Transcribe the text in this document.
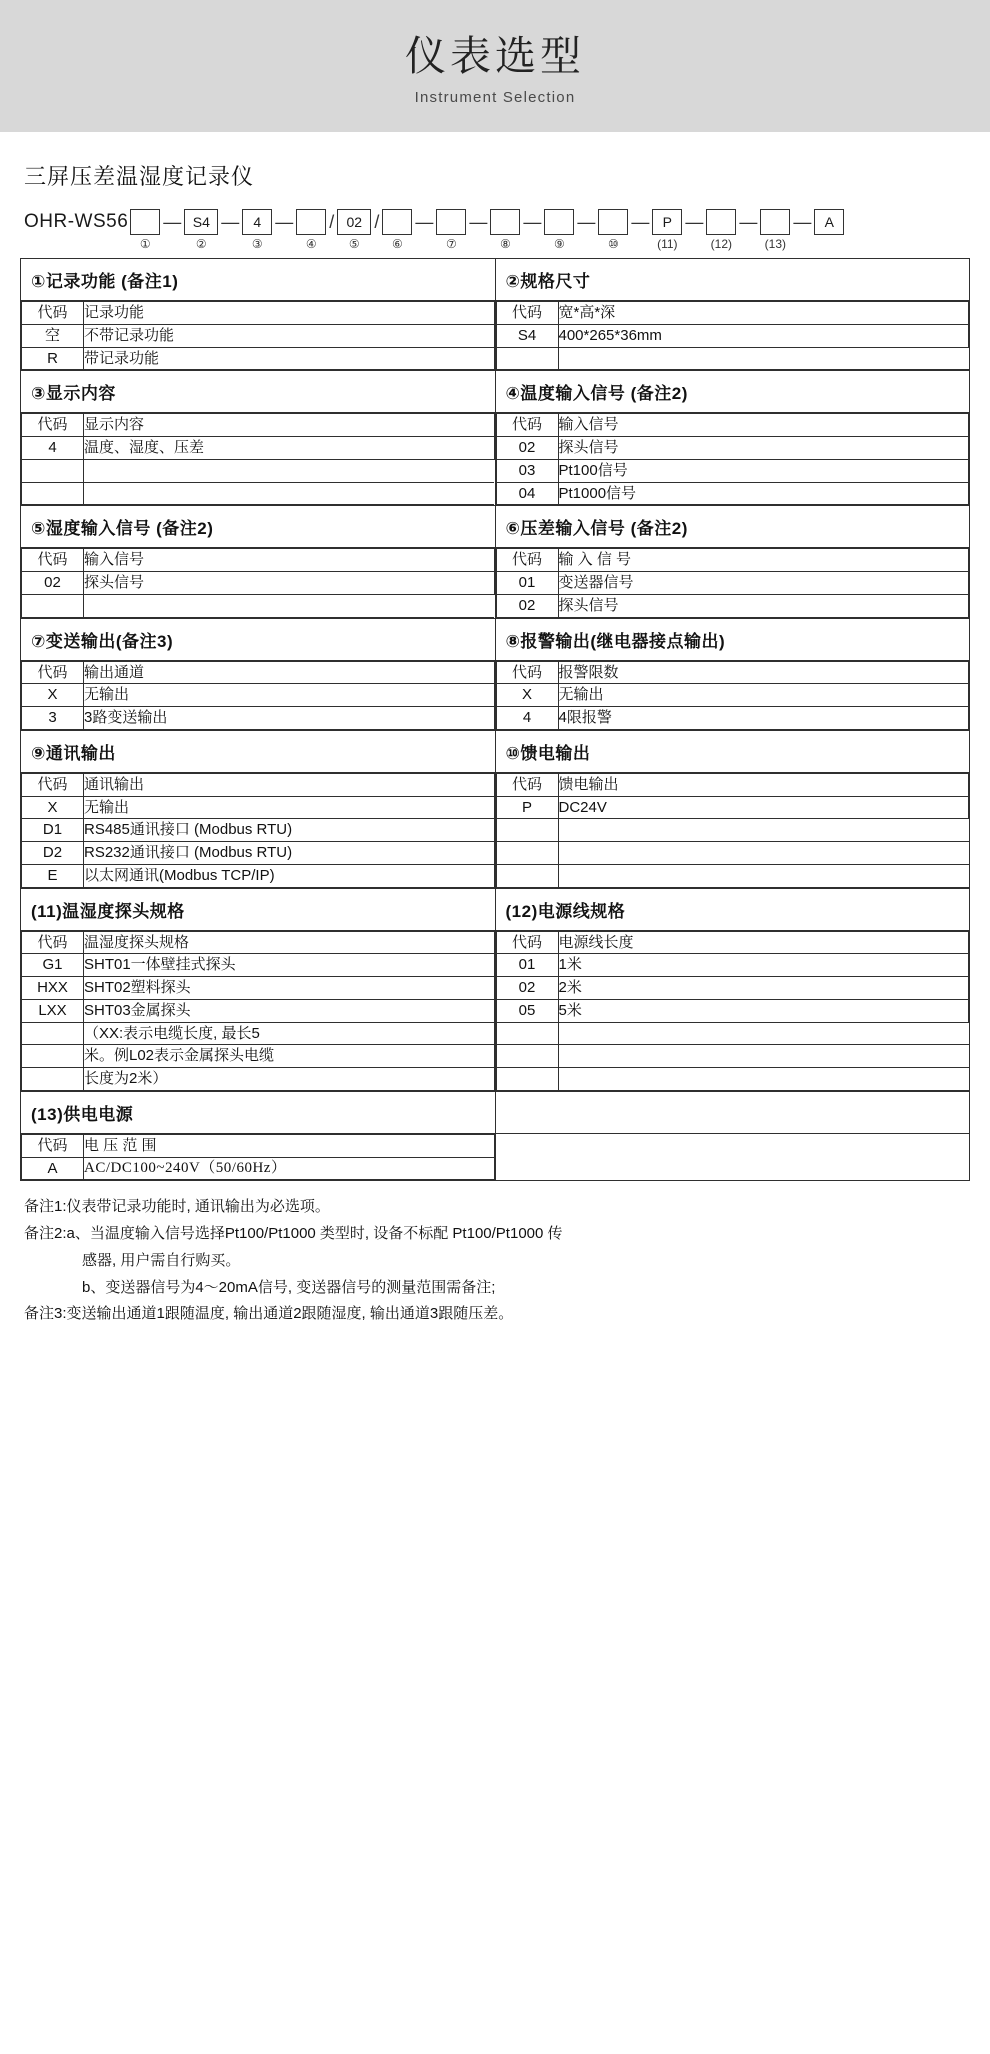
仪表选型
Instrument Selection
三屏压差温湿度记录仪
OHR-WS56
①
— S4
②
—	4
③
—
④
/ 02
⑤
/
⑥
—
⑦
—
⑧
—
⑨
—
⑩
— P
(11)
—
(12)
—
(13)
— A
①记录功能 (备注1)	②规格尺寸

代码	记录功能
空	不带记录功能
R	带记录功能

代码	宽*高*深
S4	400*265*36mm

③显示内容	④温度输入信号 (备注2)

代码	显示内容
4	温度、湿度、压差

代码	输入信号
02	探头信号
03	Pt100信号
04	Pt1000信号

⑤湿度输入信号 (备注2)	⑥压差输入信号 (备注2)

代码	输入信号
02	探头信号

代码	输 入 信 号
01	变送器信号
02	探头信号

⑦变送输出(备注3)	⑧报警输出(继电器接点输出)

代码	输出通道
X	无输出
3	3路变送输出

代码	报警限数
X	无输出
4	4限报警

⑨通讯输出	⑩馈电输出

代码	通讯输出
X	无输出
D1	RS485通讯接口 (Modbus RTU)
D2	RS232通讯接口 (Modbus RTU)
E	以太网通讯(Modbus TCP/IP)

代码	馈电输出
P	DC24V

(11)温湿度探头规格	(12)电源线规格

代码	温湿度探头规格
G1	SHT01一体壁挂式探头
HXX	SHT02塑料探头
LXX	SHT03金属探头
	（XX:表示电缆长度, 最长5
	米。例L02表示金属探头电缆
	长度为2米）

代码	电源线长度
01	1米
02	2米
05	5米

(13)供电电源

代码	电 压 范 围
A	AC/DC100~240V（50/60Hz）

备注1:仪表带记录功能时, 通讯输出为必选项。

备注2:a、当温度输入信号选择Pt100/Pt1000 类型时, 设备不标配 Pt100/Pt1000 传

感器, 用户需自行购买。

b、变送器信号为4～20mA信号, 变送器信号的测量范围需备注;

备注3:变送输出通道1跟随温度, 输出通道2跟随湿度, 输出通道3跟随压差。
